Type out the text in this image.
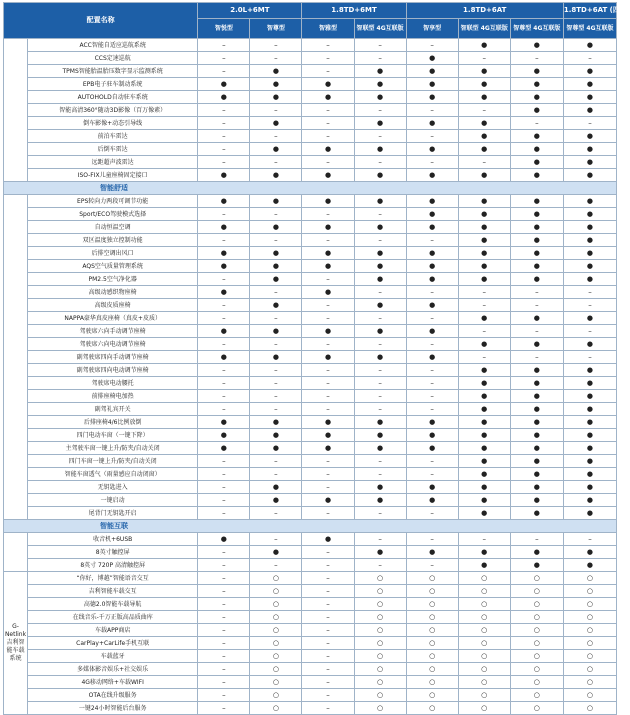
配置名称		2.0L+6MT		1.8TD+6MT		1.8TD+6AT			1.8TD+6AT (四驱)
		智悦型	智尊型	智雅型	智联型 4G互联版	智享型	智联型 4G互联版	智尊型 4G互联版	智尊型 4G互联版
	ACC智能自适应巡航系统	–	–	–	–	–	●	●	●
	CCS定速巡航	–	–	–	–	●	–	–	–
	TPMS智能胎温胎压数字显示监测系统	–	●	–	●	●	●	●	●
	EPB电子驻车制动系统	●	●	●	●	●	●	●	●
	AUTOHOLD自动驻车系统	●	●	●	●	●	●	●	●
	智能高清360°随动3D影像（百万像素）	–	–	–	–	–	–	●	●
	倒车影像+动态引导线	–	●	–	●	●	●	–	–
	前泊车雷达	–	–	–	–	–	●	●	●
	后倒车雷达	–	●	●	●	●	●	●	●
	远距超声波雷达	–	–	–	–	–	–	●	●
	ISO-FIX儿童座椅固定接口	●	●	●	●	●	●	●	●
智能舒适									
	EPS转向力两段可调节功能	●	●	●	●	●	●	●	●
	Sport/ECO驾驶模式选择	–	–	–	–	●	●	●	●
	自动恒温空调	●	●	●	●	●	●	●	●
	双区温度独立控制功能	–	–	–	–	–	●	●	●
	后排空调出风口	●	●	●	●	●	●	●	●
	AQS空气质量管理系统	●	●	●	●	●	●	●	●
	PM2.5空气净化器	–	●	–	●	●	●	●	●
	高级动感织物座椅	●	–	●	–	–	–	–	–
	高级皮质座椅	–	●	–	●	●	–	–	–
	NAPPA豪华真皮座椅（真皮+皮质）	–	–	–	–	–	●	●	●
	驾驶席六向手动调节座椅	●	●	●	●	●	–	–	–
	驾驶席六向电动调节座椅	–	–	–	–	–	●	●	●
	副驾驶席四向手动调节座椅	●	●	●	●	●	–	–	–
	副驾驶席四向电动调节座椅	–	–	–	–	–	●	●	●
	驾驶席电动腰托	–	–	–	–	–	●	●	●
	前排座椅电加热	–	–	–	–	–	●	●	●
	副驾礼宾开关	–	–	–	–	–	●	●	●
	后排座椅4/6比例放倒	●	●	●	●	●	●	●	●
	四门电动车窗（一键下降）	●	●	●	●	●	●	●	●
	主驾驶车窗一键上升/防夹/自动关闭	●	●	●	●	●	●	●	●
	四门车窗一键上升/防夹/自动关闭	–	–	–	–	–	●	●	●
	智能车窗透气（雨量感应自动闭窗）	–	–	–	–	–	●	●	●
	无钥匙进入	–	●	–	●	●	●	●	●
	一键启动	–	●	●	●	●	●	●	●
	尾背门无钥匙开启	–	–	–	–	–	●	●	●
智能互联									
	收音机+6USB	●	–	●	–	–	–	–	–
	8英寸触控屏	–	●	–	●	●	●	●	●
	8英寸 720P 高清触控屏	–	–	–	–	–	●	●	●
G-Netlink 吉利智能车载系统	“你好，博越”智能语音交互	–	○	–	○	○	○	○	○
	吉利智能车载交互	–	○	–	○	○	○	○	○
	高德2.0智能车载导航	–	○	–	○	○	○	○	○
	在线音乐-千万正版高品质曲库	–	○	–	○	○	○	○	○
	车载APP商店	–	○	–	○	○	○	○	○
	CarPlay+CarLife手机互联	–	○	–	○	○	○	○	○
	车载蓝牙	–	○	–	○	○	○	○	○
	多媒体影音娱乐+社交娱乐	–	○	–	○	○	○	○	○
	4G移动网络+车载WIFI	–	○	–	○	○	○	○	○
	OTA在线升级服务	–	○	–	○	○	○	○	○
	一键24小时智能后台服务	–	○	–	○	○	○	○	○
